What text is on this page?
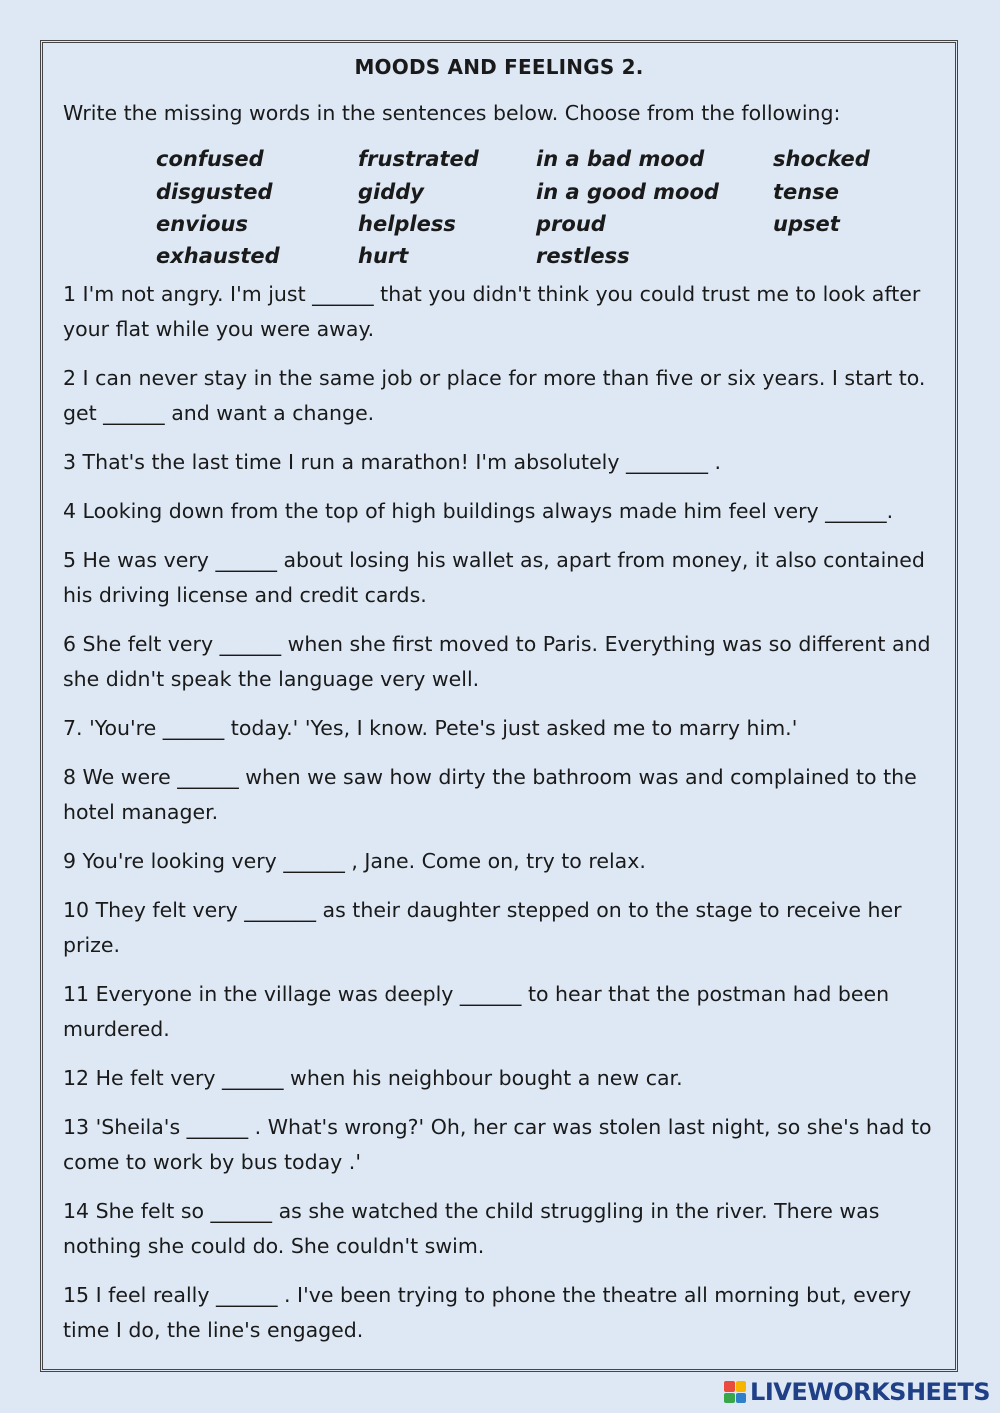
MOODS AND FEELINGS 2.
Write the missing words in the sentences below. Choose from the following:
confused
disgusted
envious
exhausted
frustrated
giddy
helpless
hurt
in a bad mood
in a good mood
proud
restless
shocked
tense
upset

1 I'm not angry. I'm just ______ that you didn't think you could trust me to look after your flat while you were away.

2 I can never stay in the same job or place for more than five or six years. I start to. get ______ and want a change.

3 That's the last time I run a marathon! I'm absolutely ________ .

4 Looking down from the top of high buildings always made him feel very ______.

5 He was very ______ about losing his wallet as, apart from money, it also contained his driving license and credit cards.

6 She felt very ______ when she first moved to Paris. Everything was so different and she didn't speak the language very well.

7. 'You're ______ today.' 'Yes, I know. Pete's just asked me to marry him.'

8 We were ______ when we saw how dirty the bathroom was and complained to the hotel manager.

9 You're looking very ______ , Jane. Come on, try to relax.

10 They felt very _______ as their daughter stepped on to the stage to receive her prize.

11 Everyone in the village was deeply ______ to hear that the postman had been murdered.

12 He felt very ______ when his neighbour bought a new car.

13 'Sheila's ______ . What's wrong?' Oh, her car was stolen last night, so she's had to come to work by bus today .'

14 She felt so ______ as she watched the child struggling in the river. There was nothing she could do. She couldn't swim.

15 I feel really ______ . I've been trying to phone the theatre all morning but, every time I do, the line's engaged.

LIVEWORKSHEETS
